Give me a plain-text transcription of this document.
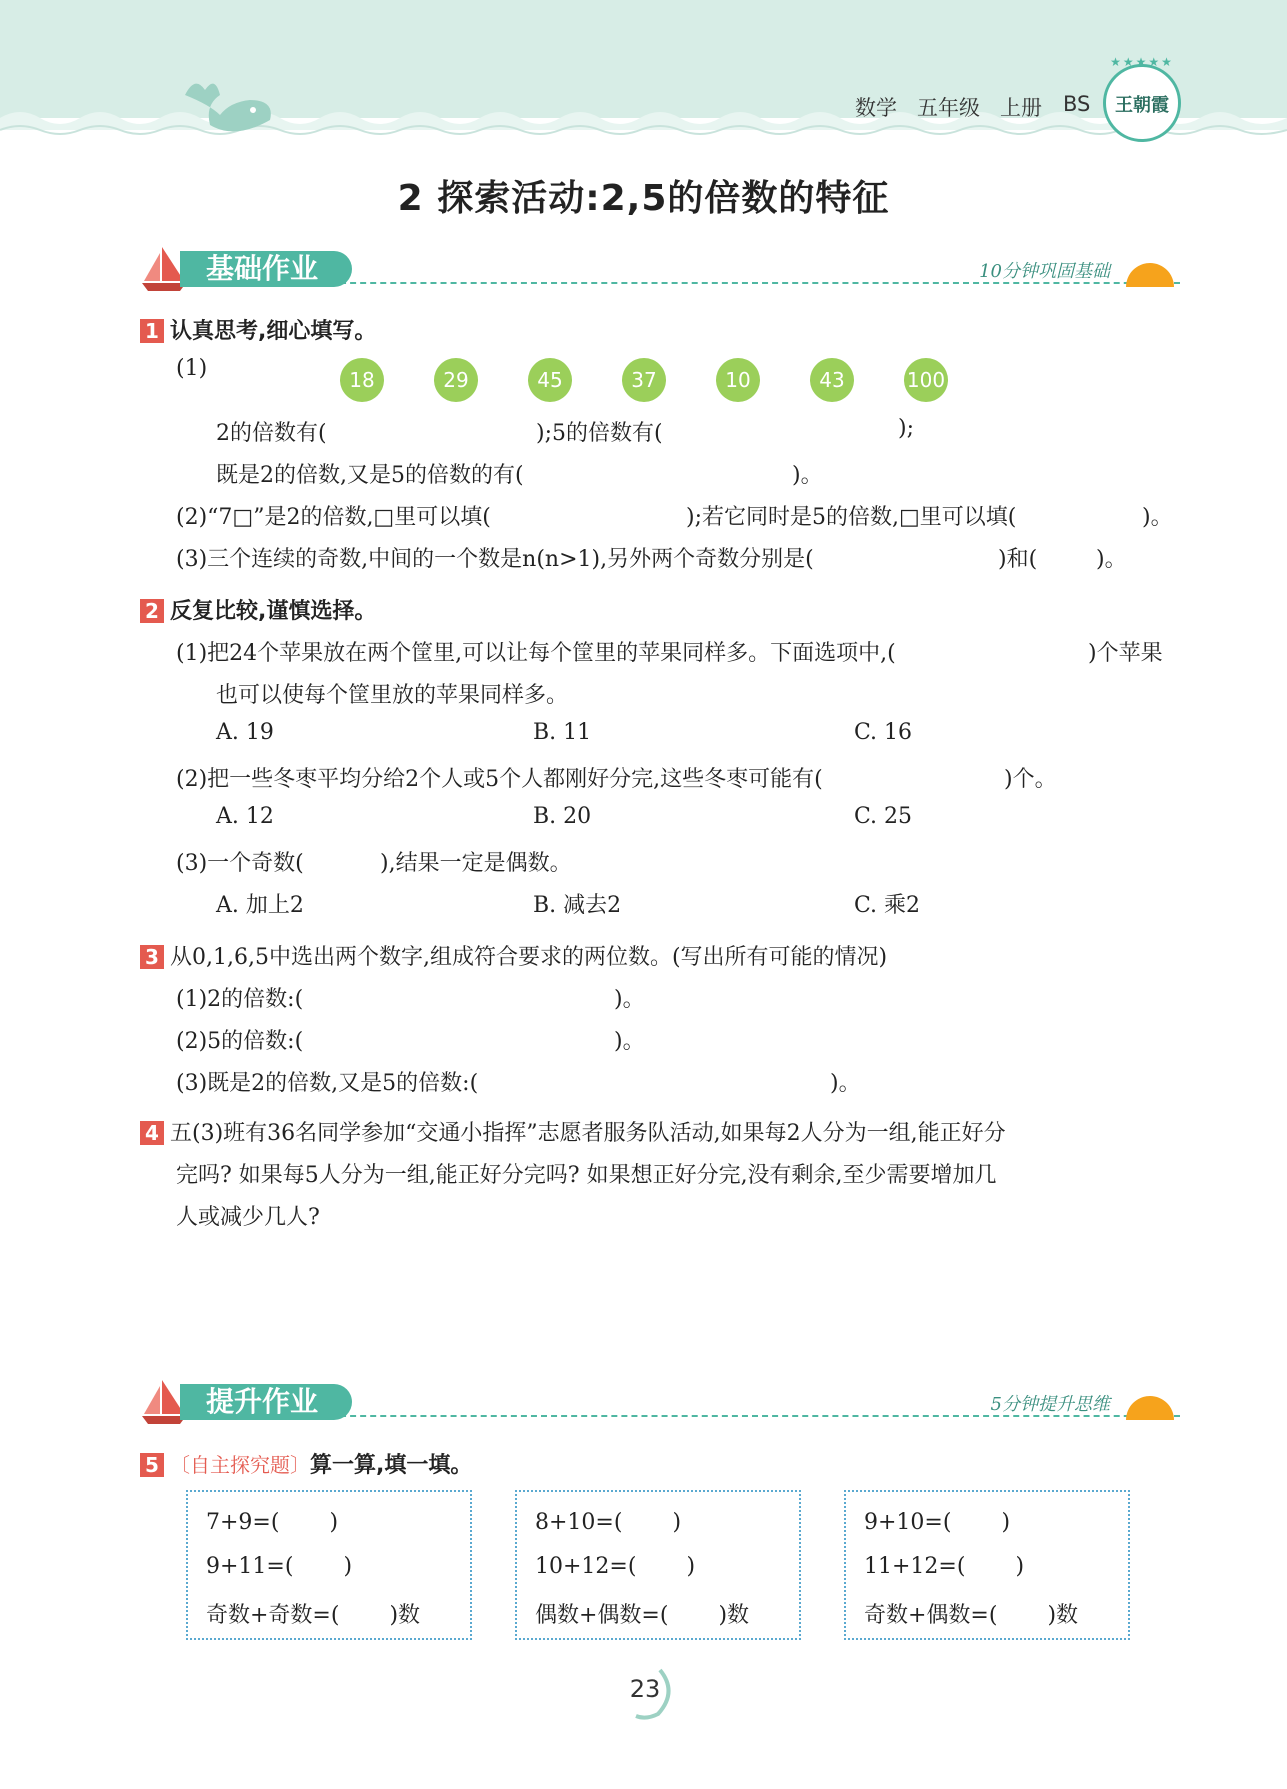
数学 五年级 上册 BS	王朝霞
★★★★★
2 探索活动:2,5的倍数的特征
基础作业	10分钟巩固基础
1 认真思考,细心填写。
(1)	18	29	45	37	10	43	100
2的倍数有(	);5的倍数有(	);
既是2的倍数,又是5的倍数的有(	)。
(2)“7□”是2的倍数,□里可以填(	);若它同时是5的倍数,□里可以填(	)。
(3)三个连续的奇数,中间的一个数是n(n>1),另外两个奇数分别是(	)和(	)。
2 反复比较,谨慎选择。
(1)把24个苹果放在两个筐里,可以让每个筐里的苹果同样多。下面选项中,(	)个苹果
也可以使每个筐里放的苹果同样多。
A. 19	B. 11	C. 16
(2)把一些冬枣平均分给2个人或5个人都刚好分完,这些冬枣可能有(	)个。
A. 12	B. 20	C. 25
(3)一个奇数(	),结果一定是偶数。
A. 加上2	B. 减去2	C. 乘2
3 从0,1,6,5中选出两个数字,组成符合要求的两位数。(写出所有可能的情况)
(1)2的倍数:(	)。
(2)5的倍数:(	)。
(3)既是2的倍数,又是5的倍数:(	)。
4 五(3)班有36名同学参加“交通小指挥”志愿者服务队活动,如果每2人分为一组,能正好分
完吗? 如果每5人分为一组,能正好分完吗? 如果想正好分完,没有剩余,至少需要增加几
人或减少几人?
提升作业	5分钟提升思维
5 〔自主探究题〕算一算,填一填。
7+9=( )
9+11=( )
奇数+奇数=( )数
8+10=( )
10+12=( )
偶数+偶数=( )数
9+10=( )
11+12=( )
奇数+偶数=( )数
23
